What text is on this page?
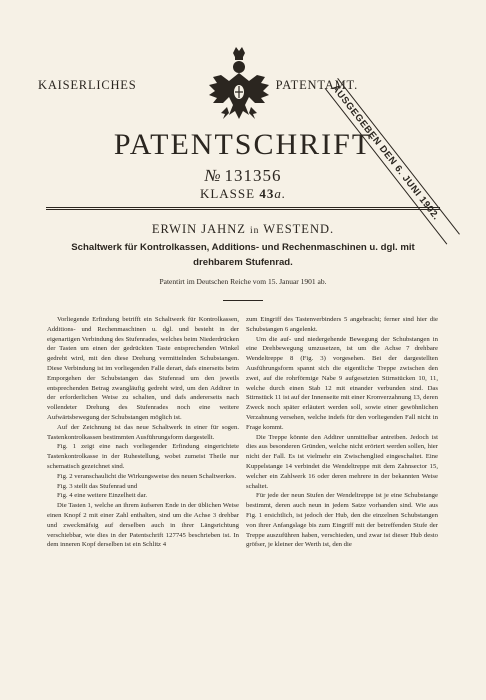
KAISERLICHES	PATENTAMT.
AUSGEGEBEN DEN 6. JUNI 1902.
PATENTSCHRIFT
№ 131356
KLASSE 43a.
ERWIN JAHNZ in WESTEND.
Schaltwerk für Kontrolkassen, Additions- und Rechenmaschinen u. dgl. mit drehbarem Stufenrad.
Patentirt im Deutschen Reiche vom 15. Januar 1901 ab.

Vorliegende Erfindung betrifft ein Schaltwerk für Kontrolkassen, Additions- und Rechenmaschinen u. dgl. und besteht in der eigenartigen Verbindung des Stufenrades, welches beim Niederdrücken der Tasten um einen der gedrückten Taste entsprechenden Winkel gedreht wird, mit den diese Drehung vermittelnden Schubstangen. Diese Verbindung ist im vorliegenden Falle derart, dafs einerseits beim Emporgehen der Schubstangen das Stufenrad um den jeweils entsprechenden Betrag zwangläufig gedreht wird, um den Addirer in der erforderlichen Weise zu schalten, und dafs andererseits nach vollendeter Drehung des Stufenrades noch eine weitere Aufwärtsbewegung der Schubstangen möglich ist.

Auf der Zeichnung ist das neue Schaltwerk in einer für sogen. Tastenkontrolkassen bestimmten Ausführungsform dargestellt.

Fig. 1 zeigt eine nach vorliegender Erfindung eingerichtete Tastenkontrolkasse in der Ruhestellung, wobei zumeist Theile nur schematisch gezeichnet sind.

Fig. 2 veranschaulicht die Wirkungsweise des neuen Schaltwerkes.

Fig. 3 stellt das Stufenrad und

Fig. 4 eine weitere Einzelheit dar.

Die Tasten 1, welche an ihrem äufseren Ende in der üblichen Weise einen Knopf 2 mit einer Zahl enthalten, sind um die Achse 3 drehbar und zweckmäfsig auf derselben auch in ihrer Längsrichtung verschiebbar, wie dies in der Patentschrift 127745 beschrieben ist. In dem inneren Kopf derselben ist ein Schlitz 4

zum Eingriff des Tastenverbinders 5 angebracht; ferner sind hier die Schubstangen 6 angelenkt.

Um die auf- und niedergehende Bewegung der Schubstangen in eine Drehbewegung umzusetzen, ist um die Achse 7 drehbare Wendeltreppe 8 (Fig. 3) vorgesehen. Bei der dargestellten Ausführungsform spannt sich die eigentliche Treppe zwischen den zwei, auf die rohrförmige Nabe 9 aufgesetzten Stirnstücken 10, 11, welche durch einen Stab 12 mit einander verbunden sind. Das Stirnstück 11 ist auf der Innenseite mit einer Kronverzahnung 13, deren Zweck noch später erläutert werden soll, sowie einer gewöhnlichen Verzahnung versehen, welche indefs für den vorliegenden Fall nicht in Frage kommt.

Die Treppe könnte den Addirer unmittelbar antreiben. Jedoch ist dies aus besonderen Gründen, welche nicht erörtert werden sollen, hier nicht der Fall. Es ist vielmehr ein Zwischenglied eingeschaltet. Eine Kuppelstange 14 verbindet die Wendeltreppe mit dem Zahnsector 15, welcher ein Zahlwerk 16 oder deren mehrere in der bekannten Weise schaltet.

Für jede der neun Stufen der Wendeltreppe ist je eine Schubstange bestimmt, deren auch neun in jedem Satze vorhanden sind. Wie aus Fig. 1 ersichtlich, ist jedoch der Hub, den die einzelnen Schubstangen von ihrer Anfangslage bis zum Eingriff mit der betreffenden Stufe der Treppe auszuführen haben, verschieden, und zwar ist dieser Hub desto gröfser, je kleiner der Werth ist, den die
